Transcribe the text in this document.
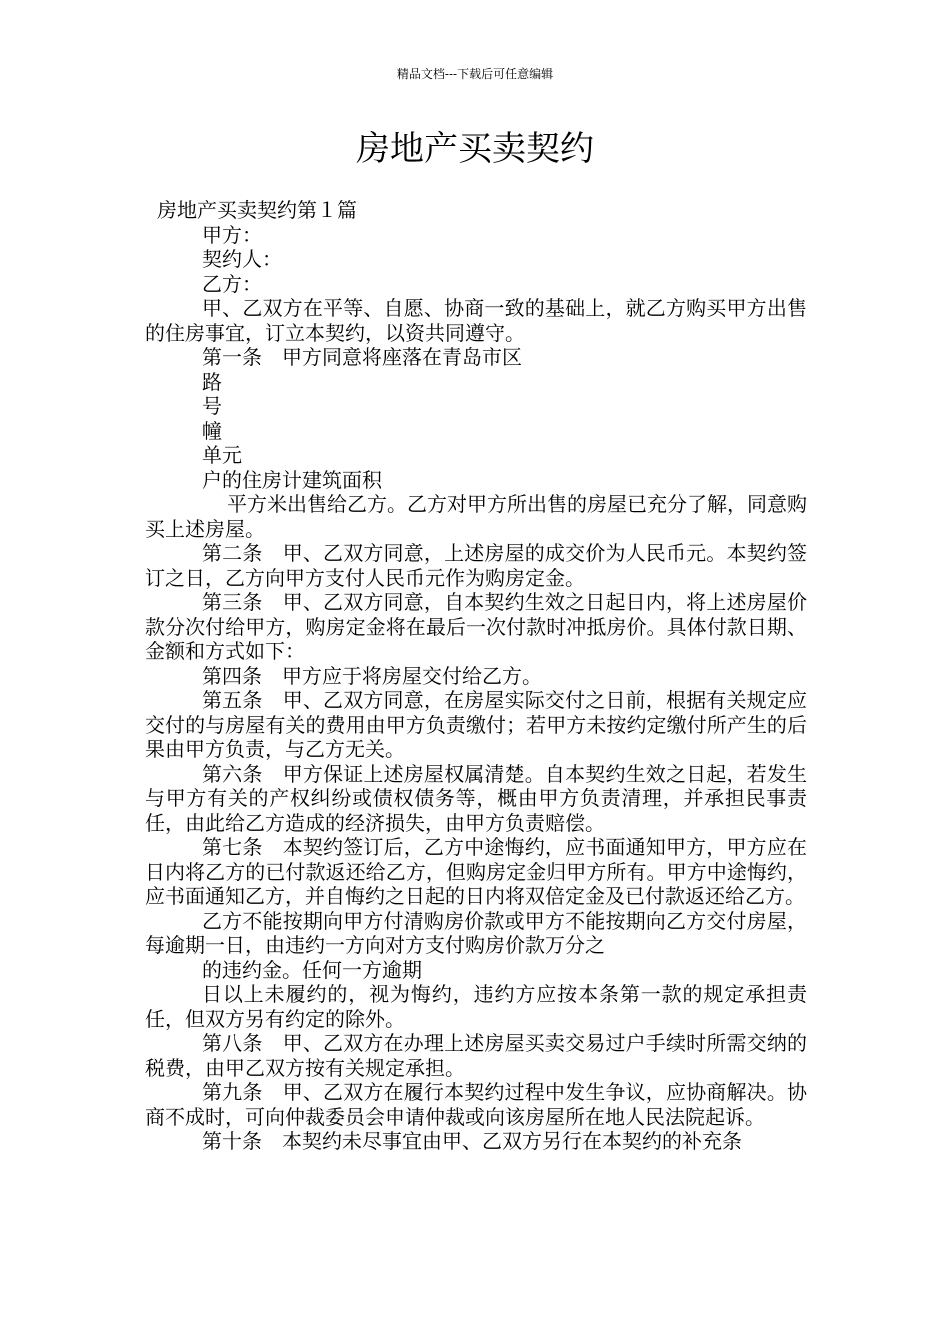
精品文档---下载后可任意编辑
房地产买卖契约

房地产买卖契约第１篇

甲方：

契约人：

乙方：

甲、乙双方在平等、自愿、协商一致的基础上，就乙方购买甲方出售的住房事宜，订立本契约，以资共同遵守。

第一条　甲方同意将座落在青岛市区

路

号

幢

单元

户的住房计建筑面积

平方米出售给乙方。乙方对甲方所出售的房屋已充分了解，同意购买上述房屋。

第二条　甲、乙双方同意，上述房屋的成交价为人民币元。本契约签订之日，乙方向甲方支付人民币元作为购房定金。

第三条　甲、乙双方同意，自本契约生效之日起日内，将上述房屋价款分次付给甲方，购房定金将在最后一次付款时冲抵房价。具体付款日期、金额和方式如下：

第四条　甲方应于将房屋交付给乙方。

第五条　甲、乙双方同意，在房屋实际交付之日前，根据有关规定应交付的与房屋有关的费用由甲方负责缴付；若甲方未按约定缴付所产生的后果由甲方负责，与乙方无关。

第六条　甲方保证上述房屋权属清楚。自本契约生效之日起，若发生与甲方有关的产权纠纷或债权债务等，概由甲方负责清理，并承担民事责任，由此给乙方造成的经济损失，由甲方负责赔偿。

第七条　本契约签订后，乙方中途悔约，应书面通知甲方，甲方应在日内将乙方的已付款返还给乙方，但购房定金归甲方所有。甲方中途悔约，应书面通知乙方，并自悔约之日起的日内将双倍定金及已付款返还给乙方。

乙方不能按期向甲方付清购房价款或甲方不能按期向乙方交付房屋，每逾期一日，由违约一方向对方支付购房价款万分之

的违约金。任何一方逾期

日以上未履约的，视为悔约，违约方应按本条第一款的规定承担责任，但双方另有约定的除外。

第八条　甲、乙双方在办理上述房屋买卖交易过户手续时所需交纳的税费，由甲乙双方按有关规定承担。

第九条　甲、乙双方在履行本契约过程中发生争议，应协商解决。协商不成时，可向仲裁委员会申请仲裁或向该房屋所在地人民法院起诉。

第十条　本契约未尽事宜由甲、乙双方另行在本契约的补充条
